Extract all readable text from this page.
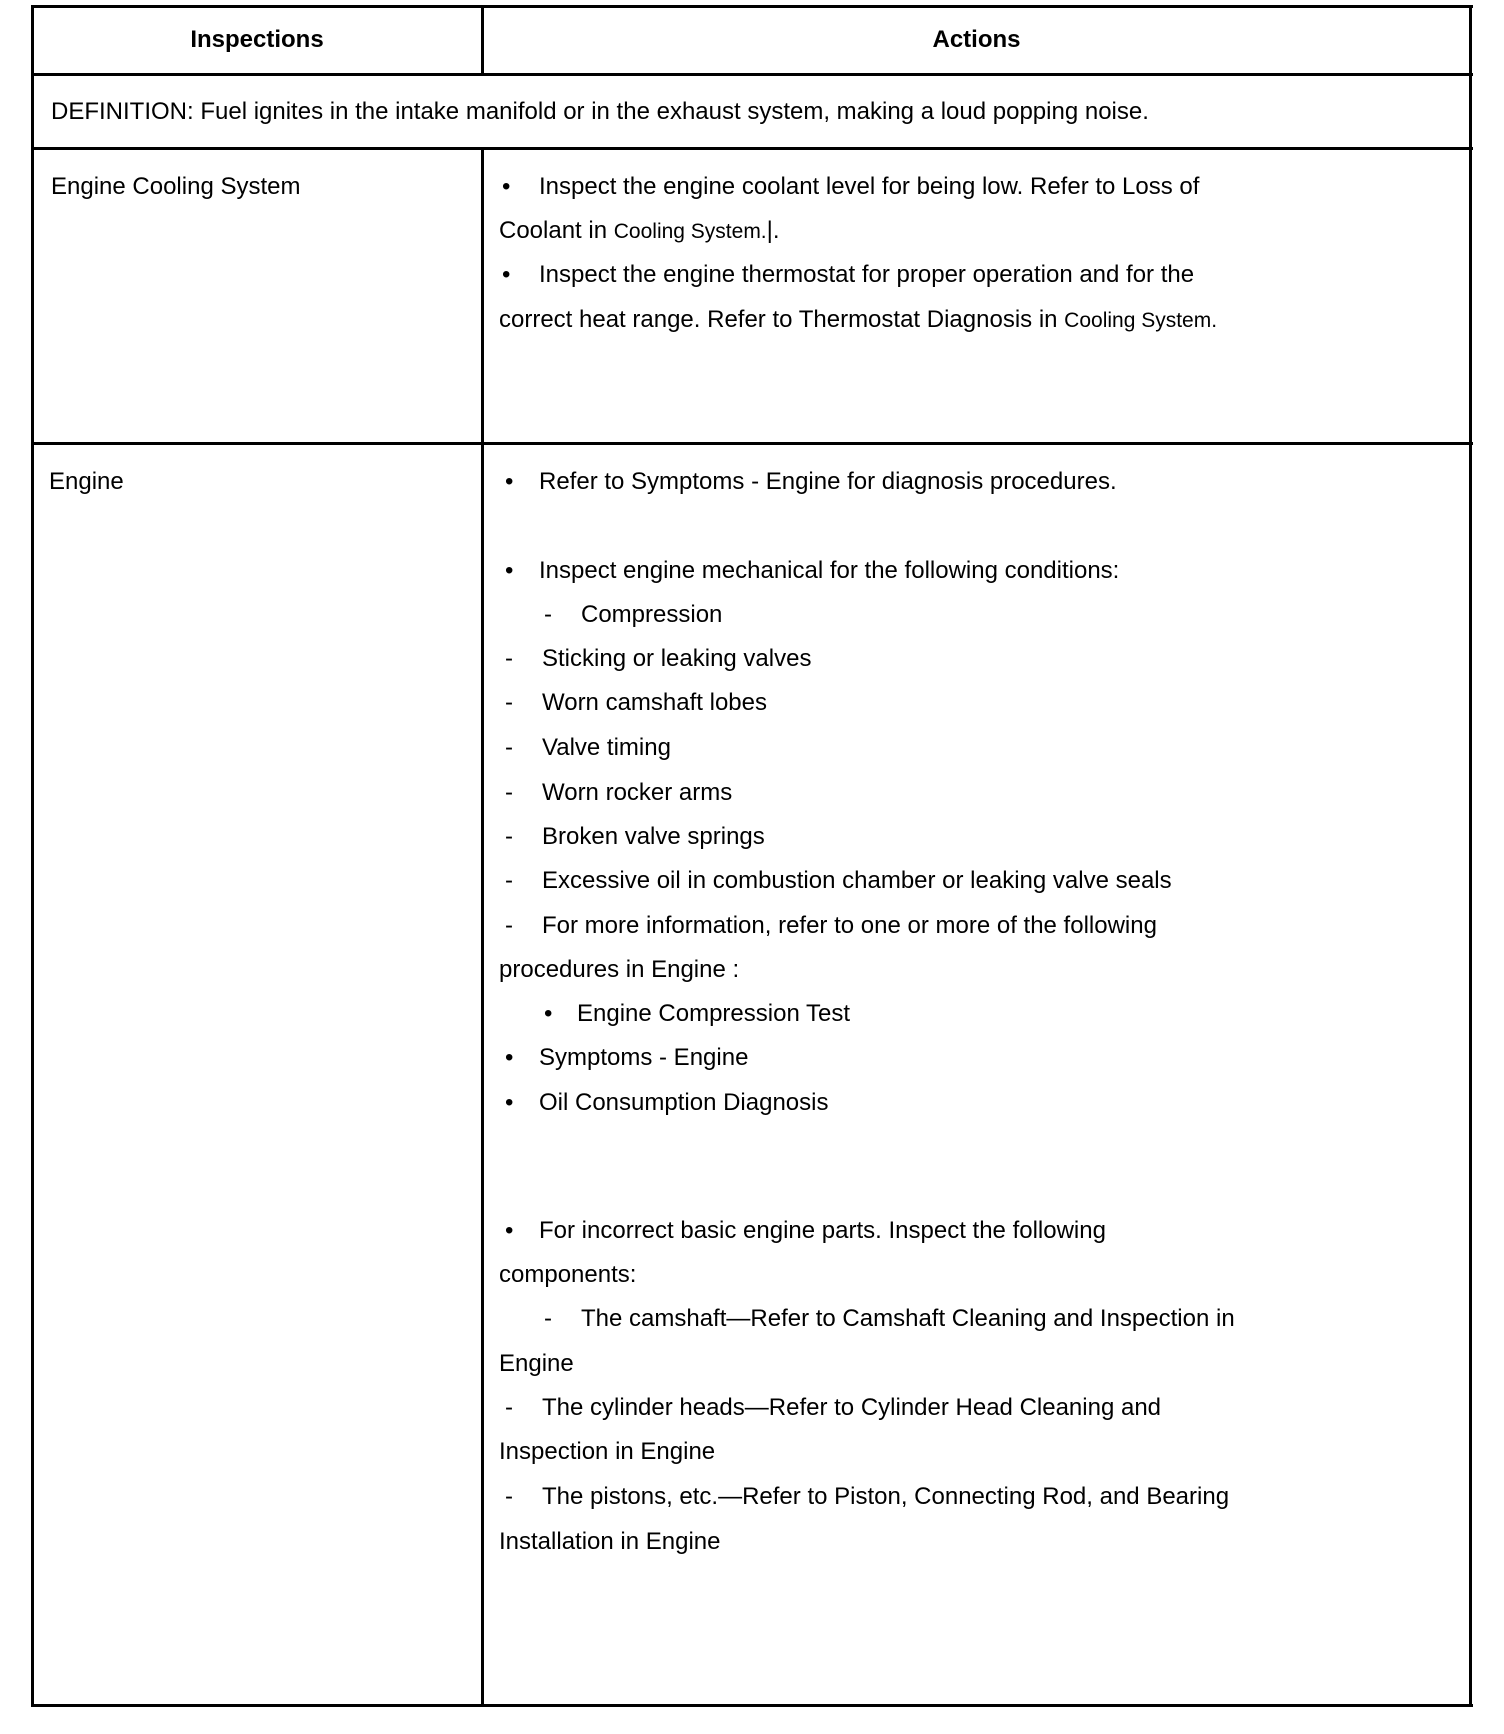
Inspections	Actions
DEFINITION: Fuel ignites in the intake manifold or in the exhaust system, making a loud popping noise.
Engine Cooling System	• Inspect the engine coolant level for being low. Refer to Loss of
Coolant in Cooling System.|.
• Inspect the engine thermostat for proper operation and for the
correct heat range. Refer to Thermostat Diagnosis in Cooling System.
Engine	• Refer to Symptoms - Engine for diagnosis procedures.
• Inspect engine mechanical for the following conditions:
- Compression
- Sticking or leaking valves
- Worn camshaft lobes
- Valve timing
- Worn rocker arms
- Broken valve springs
- Excessive oil in combustion chamber or leaking valve seals
- For more information, refer to one or more of the following
procedures in Engine :
• Engine Compression Test
• Symptoms - Engine
• Oil Consumption Diagnosis
• For incorrect basic engine parts. Inspect the following
components:
- The camshaft—Refer to Camshaft Cleaning and Inspection in
Engine
- The cylinder heads—Refer to Cylinder Head Cleaning and
Inspection in Engine
- The pistons, etc.—Refer to Piston, Connecting Rod, and Bearing
Installation in Engine
